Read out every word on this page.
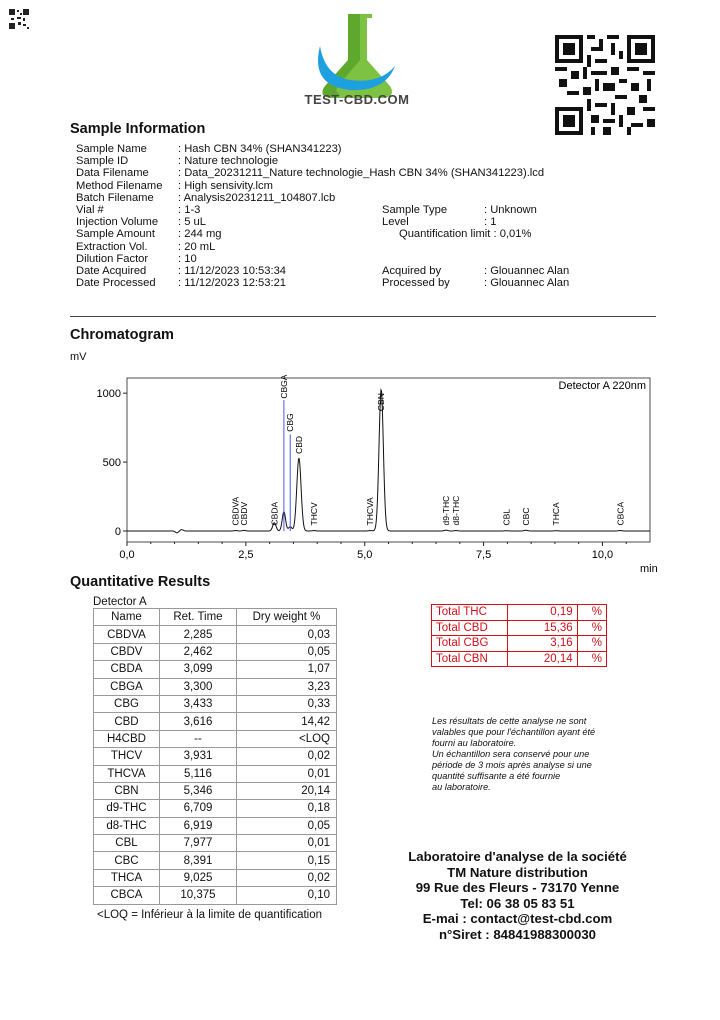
TEST-CBD.COM
Sample Information
Sample Name	: Hash CBN 34% (SHAN341223)
Sample ID	: Nature technologie
Data Filename	: Data_20231211_Nature technologie_Hash CBN 34% (SHAN341223).lcd
Method Filename : High sensivity.lcm
Batch Filename : Analysis20231211_104807.lcb
Vial #	: 1-3
Injection Volume : 5 uL
Sample Amount : 244 mg
Extraction Vol.	: 20 mL
Dilution Factor	: 10
Date Acquired	: 11/12/2023 10:53:34
Date Processed : 11/12/2023 12:53:21
Sample Type	: Unknown
Level	: 1
Quantification limit : 0,01%
Acquired by	: Glouannec Alan
Processed by	: Glouannec Alan
Chromatogram
mV
0
500
1000
0,0	2,5	5,0	7,5	10,0
min
Detector A 220nm
CBDVA
CBDV CBDA
CBGA
CBG
CBD
THCV	THCVA
CBN
d9-THC d8-THC	CBL CBC THCA	CBCA
Quantitative Results
Detector A
Name	Ret. Time	Dry weight %
CBDVA	2,285	0,03
CBDV	2,462	0,05
CBDA	3,099	1,07
CBGA	3,300	3,23
CBG	3,433	0,33
CBD	3,616	14,42
H4CBD	--	<LOQ
THCV	3,931	0,02
THCVA	5,116	0,01
CBN	5,346	20,14
d9-THC	6,709	0,18
d8-THC	6,919	0,05
CBL	7,977	0,01
CBC	8,391	0,15
THCA	9,025	0,02
CBCA	10,375	0,10
<LOQ = Inférieur à la limite de quantification
Total THC	0,19	%
Total CBD	15,36	%
Total CBG	3,16	%
Total CBN	20,14	%
Les résultats de cette analyse ne sont
valables que pour l'échantillon ayant été
fourni au laboratoire.
Un échantillon sera conservé pour une
période de 3 mois après analyse si une
quantité suffisante a été fournie
au laboratoire.
Laboratoire d'analyse de la société
TM Nature distribution
99 Rue des Fleurs - 73170 Yenne
Tel: 06 38 05 83 51
E-mai : contact@test-cbd.com
n°Siret : 84841988300030
